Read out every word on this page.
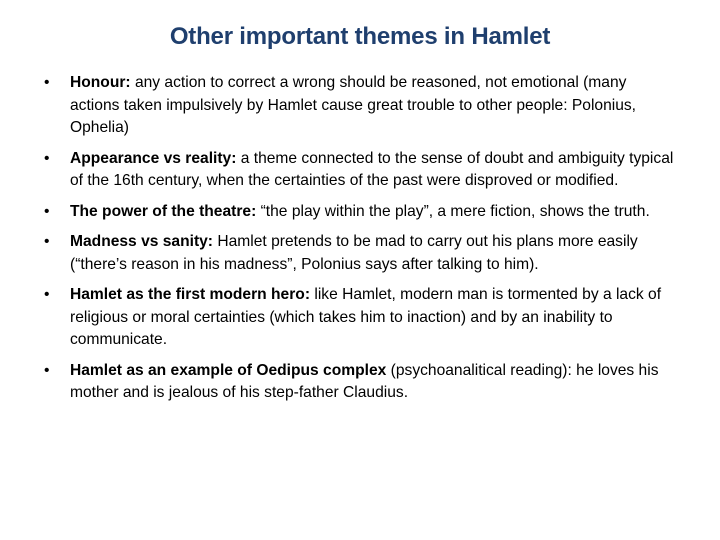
Other important themes in Hamlet
•	Honour: any action to correct a wrong should be reasoned, not emotional (many actions taken impulsively by Hamlet cause great trouble to other people: Polonius, Ophelia)
•	Appearance vs reality: a theme connected to the sense of doubt and ambiguity typical of the 16th century, when the certainties of the past were disproved or modified.
•	The power of the theatre: “the play within the play”, a mere fiction, shows the truth.
•	Madness vs sanity: Hamlet pretends to be mad to carry out his plans more easily (“there’s reason in his madness”, Polonius says after talking to him).
•	Hamlet as the first modern hero: like Hamlet, modern man is tormented by a lack of religious or moral certainties (which takes him to inaction) and by an inability to communicate.
•	Hamlet as an example of Oedipus complex (psychoanalitical reading): he loves his mother and is jealous of his step-father Claudius.
